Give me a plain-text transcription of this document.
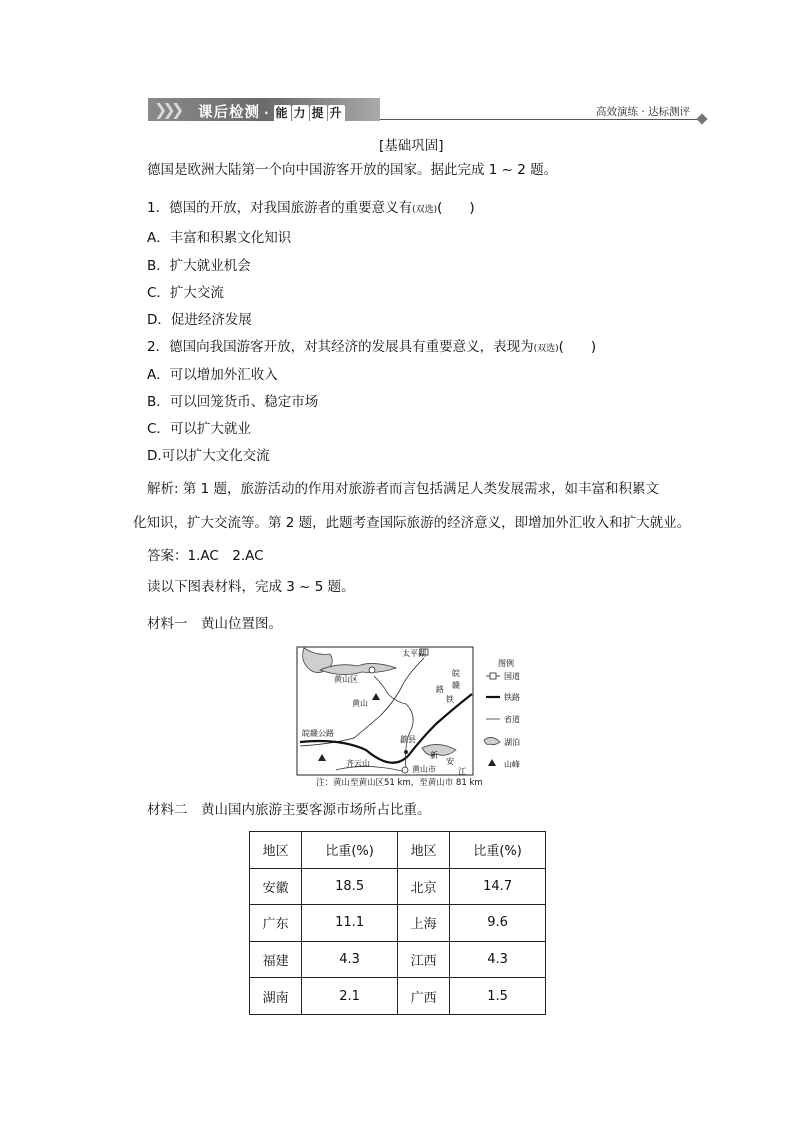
❯❯❯ 课后检测 · 能 力 提 升	高效演练 · 达标测评
[基础巩固]
德国是欧洲大陆第一个向中国游客开放的国家。据此完成 1 ~ 2 题。
1．德国的开放，对我国旅游者的重要意义有(双选)(　　)
A．丰富和积累文化知识
B．扩大就业机会
C．扩大交流
D．促进经济发展
2．德国向我国游客开放，对其经济的发展具有重要意义，表现为(双选)(　　)
A．可以增加外汇收入
B．可以回笼货币、稳定市场
C．可以扩大就业
D.可以扩大文化交流
解析: 第 1 题，旅游活动的作用对旅游者而言包括满足人类发展需求，如丰富和积累文
化知识，扩大交流等。第 2 题，此题考查国际旅游的经济意义，即增加外汇收入和扩大就业。
答案：1.AC　2.AC
读以下图表材料，完成 3 ~ 5 题。
材料一　黄山位置图。
太平湖
黄山区
黄山
皖
赣
铁
路
歙县
皖赣公路
齐云山
黄山市
新
安
江
图例
国道
铁路
省道
湖泊
山峰
注：黄山至黄山区51 km，至黄山市 81 km
材料二　黄山国内旅游主要客源市场所占比重。
地区	比重(%)	地区	比重(%)
安徽	18.5	北京	14.7
广东	11.1	上海	9.6
福建	4.3	江西	4.3
湖南	2.1	广西	1.5
